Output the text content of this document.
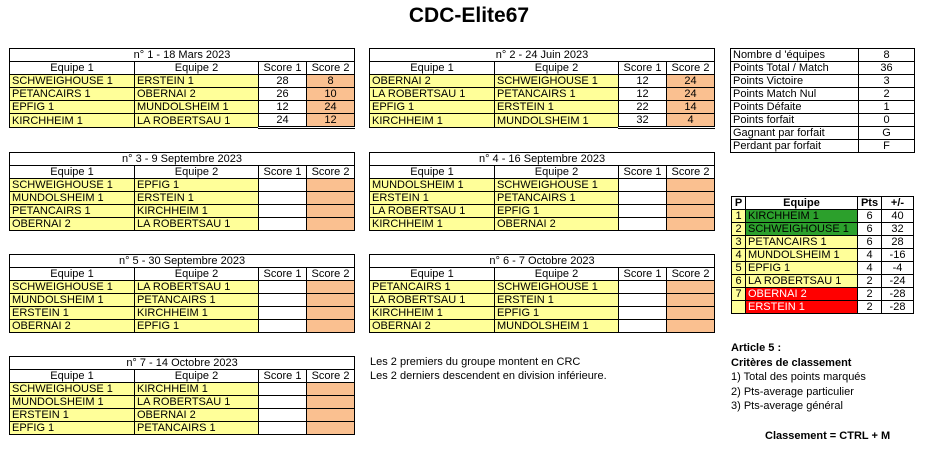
CDC-Elite67
n° 1 - 18 Mars 2023			
Equipe 1	Equipe 2	Score 1	Score 2
SCHWEIGHOUSE 1	ERSTEIN 1	28	8
PETANCAIRS 1	OBERNAI 2	26	10
EPFIG 1	MUNDOLSHEIM 1	12	24
KIRCHHEIM 1	LA ROBERTSAU 1	24	12
n° 2 - 24 Juin 2023			
Equipe 1	Equipe 2	Score 1	Score 2
OBERNAI 2	SCHWEIGHOUSE 1	12	24
LA ROBERTSAU 1	PETANCAIRS 1	12	24
EPFIG 1	ERSTEIN 1	22	14
KIRCHHEIM 1	MUNDOLSHEIM 1	32	4
n° 3 - 9 Septembre 2023			
Equipe 1	Equipe 2	Score 1	Score 2
SCHWEIGHOUSE 1	EPFIG 1		
MUNDOLSHEIM 1	ERSTEIN 1		
PETANCAIRS 1	KIRCHHEIM 1		
OBERNAI 2	LA ROBERTSAU 1		
n° 4 - 16 Septembre 2023			
Equipe 1	Equipe 2	Score 1	Score 2
MUNDOLSHEIM 1	SCHWEIGHOUSE 1		
ERSTEIN 1	PETANCAIRS 1		
LA ROBERTSAU 1	EPFIG 1		
KIRCHHEIM 1	OBERNAI 2		
n° 5 - 30 Septembre 2023			
Equipe 1	Equipe 2	Score 1	Score 2
SCHWEIGHOUSE 1	LA ROBERTSAU 1		
MUNDOLSHEIM 1	PETANCAIRS 1		
ERSTEIN 1	KIRCHHEIM 1		
OBERNAI 2	EPFIG 1		
n° 6 - 7 Octobre 2023			
Equipe 1	Equipe 2	Score 1	Score 2
PETANCAIRS 1	SCHWEIGHOUSE 1		
LA ROBERTSAU 1	ERSTEIN 1		
KIRCHHEIM 1	EPFIG 1		
OBERNAI 2	MUNDOLSHEIM 1		
n° 7 - 14 Octobre 2023			
Equipe 1	Equipe 2	Score 1	Score 2
SCHWEIGHOUSE 1	KIRCHHEIM 1		
MUNDOLSHEIM 1	LA ROBERTSAU 1		
ERSTEIN 1	OBERNAI 2		
EPFIG 1	PETANCAIRS 1		
Nombre d 'équipes	8
Points Total / Match	36
Points Victoire	3
Points Match Nul	2
Points Défaite	1
Points forfait	0
Gagnant par forfait	G
Perdant par forfait	F
P	Equipe	Pts	+/-
1	KIRCHHEIM 1	6	40
2	SCHWEIGHOUSE 1	6	32
3	PETANCAIRS 1	6	28
4	MUNDOLSHEIM 1	4	-16
5	EPFIG 1	4	-4
6	LA ROBERTSAU 1	2	-24
7	OBERNAI 2	2	-28
	ERSTEIN 1	2	-28
Les 2 premiers du groupe montent en CRC
Les 2 derniers descendent en division inférieure.
Article 5 :
Critères de classement
1) Total des points marqués
2) Pts-average particulier
3) Pts-average général
Classement = CTRL + M
